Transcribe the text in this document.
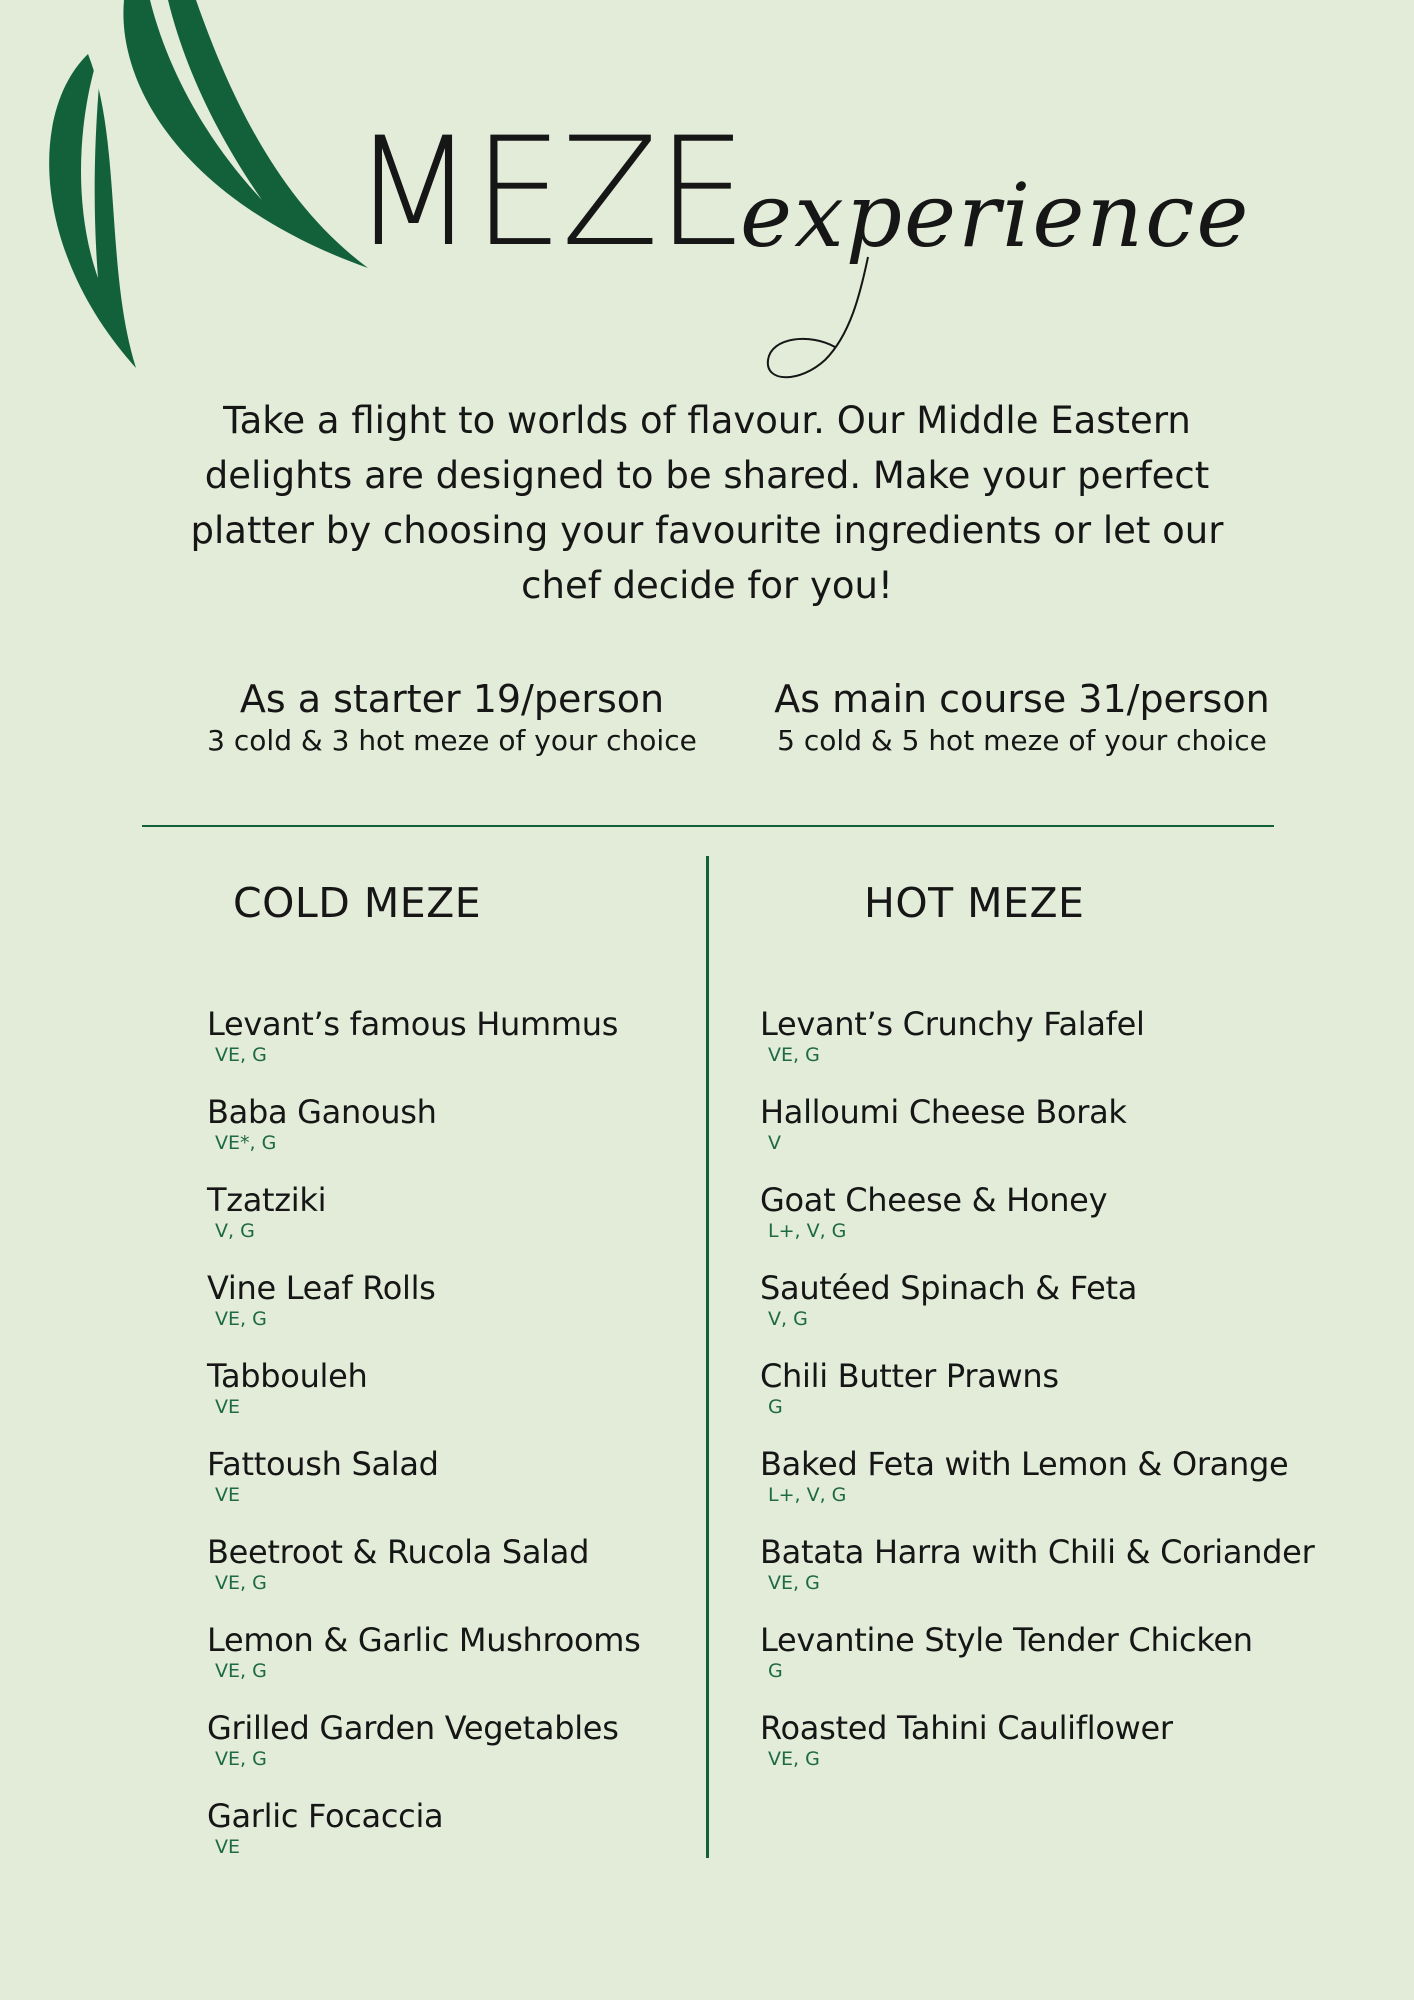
MEZE
experience

Take a flight to worlds of flavour. Our Middle Eastern delights are designed to be shared. Make your perfect platter by choosing your favourite ingredients or let our chef decide for you!

As a starter 19/person
3 cold & 3 hot meze of your choice
As main course 31/person
5 cold & 5 hot meze of your choice
COLD MEZE	HOT MEZE
Levant’s famous Hummus
VE, G
Baba Ganoush
VE*, G
Tzatziki
V, G
Vine Leaf Rolls
VE, G
Tabbouleh
VE
Fattoush Salad
VE
Beetroot & Rucola Salad
VE, G
Lemon & Garlic Mushrooms
VE, G
Grilled Garden Vegetables
VE, G
Garlic Focaccia
VE
Levant’s Crunchy Falafel
VE, G
Halloumi Cheese Borak
V
Goat Cheese & Honey
L+, V, G
Sautéed Spinach & Feta
V, G
Chili Butter Prawns
G
Baked Feta with Lemon & Orange
L+, V, G
Batata Harra with Chili & Coriander
VE, G
Levantine Style Tender Chicken
G
Roasted Tahini Cauliflower
VE, G
